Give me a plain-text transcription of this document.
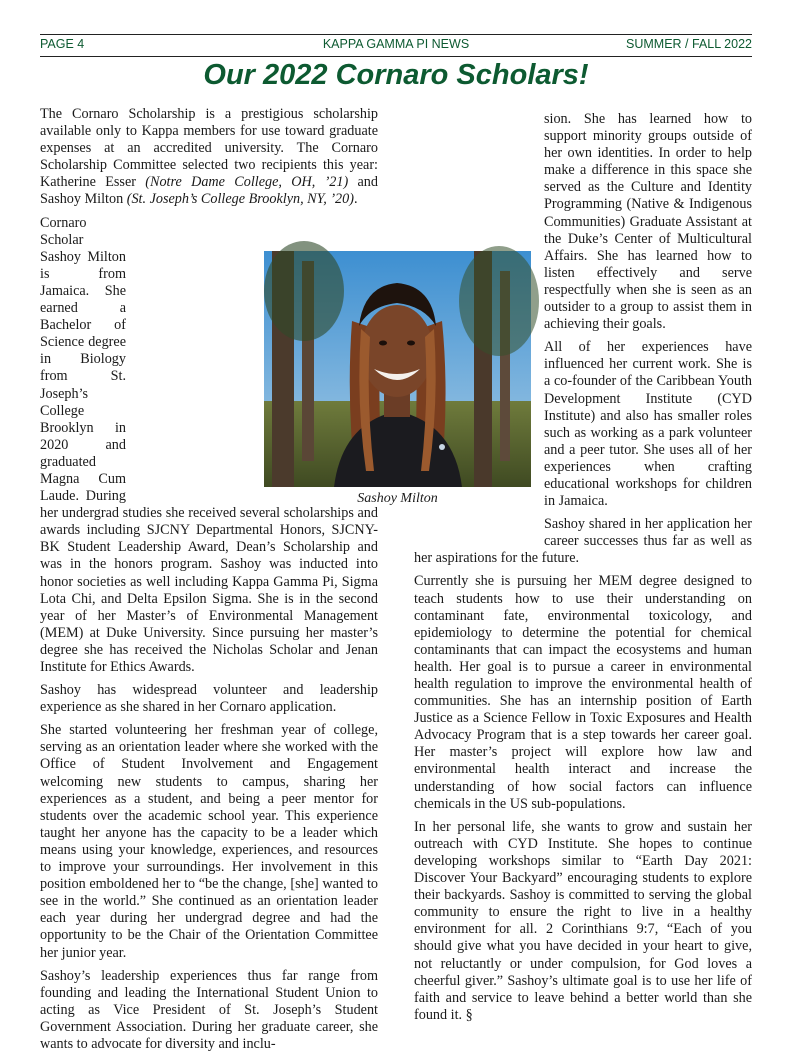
PAGE 4	KAPPA GAMMA PI NEWS	SUMMER / FALL 2022
Our 2022 Cornaro Scholars!

The Cornaro Scholarship is a prestigious scholarship available only to Kappa members for use toward graduate expenses at an accredited university. The Cornaro Scholarship Committee selected two recipients this year: Katherine Esser (Notre Dame College, OH, ’21) and Sashoy Milton (St. Joseph’s College Brooklyn, NY, ’20).

Cornaro Scholar Sashoy Milton is from Jamaica. She earned a Bachelor of Science degree in Biology from St. Joseph’s College Brooklyn in 2020 and graduated Magna Cum Laude. During her undergrad studies she received several scholarships and awards including SJCNY Departmental Honors, SJCNY-BK Student Leadership Award, Dean’s Scholarship and was in the honors program. Sashoy was inducted into honor societies as well including Kappa Gamma Pi, Sigma Lota Chi, and Delta Epsilon Sigma. She is in the second year of her Master’s of Environmental Management (MEM) at Duke University. Since pursuing her master’s degree she has received the Nicholas Scholar and Jenan Institute for Ethics Awards.

Sashoy has widespread volunteer and leadership experience as she shared in her Cornaro application.

She started volunteering her freshman year of college, serving as an orientation leader where she worked with the Office of Student Involvement and Engagement welcoming new students to campus, sharing her experiences as a student, and being a peer mentor for students over the academic school year. This experience taught her anyone has the capacity to be a leader which means using your knowledge, experiences, and resources to improve your surroundings. Her involvement in this position emboldened her to “be the change, [she] wanted to see in the world.” She continued as an orientation leader each year during her undergrad degree and had the opportunity to be the Chair of the Orientation Committee her junior year.

Sashoy’s leadership experiences thus far range from founding and leading the International Student Union to acting as Vice President of St. Joseph’s Student Government Association. During her graduate career, she wants to advocate for diversity and inclu-

sion. She has learned how to support minority groups outside of her own identities. In order to help make a difference in this space she served as the Culture and Identity Programming (Native & Indigenous Communities) Graduate Assistant at the Duke’s Center of Multicultural Affairs. She has learned how to listen effectively and serve respectfully when she is seen as an outsider to a group to assist them in achieving their goals.

All of her experiences have influenced her current work. She is a co-founder of the Caribbean Youth Development Institute (CYD Institute) and also has smaller roles such as working as a park volunteer and a peer tutor. She uses all of her experiences when crafting educational workshops for children in Jamaica.

Sashoy shared in her application her career successes thus far as well as her aspirations for the future.

Currently she is pursuing her MEM degree designed to teach students how to use their understanding on contaminant fate, environmental toxicology, and epidemiology to determine the potential for chemical contaminants that can impact the ecosystems and human health. Her goal is to pursue a career in environmental health regulation to improve the environmental health of communities. She has an internship position of Earth Justice as a Science Fellow in Toxic Exposures and Health Advocacy Program that is a step towards her career goal. Her master’s project will explore how law and environmental health interact and increase the understanding of how social factors can influence chemicals in the US sub-populations.

In her personal life, she wants to grow and sustain her outreach with CYD Institute. She hopes to continue developing workshops similar to “Earth Day 2021: Discover Your Backyard” encouraging students to explore their backyards. Sashoy is committed to serving the global community to ensure the right to live in a healthy environment for all. 2 Corinthians 9:7, “Each of you should give what you have decided in your heart to give, not reluctantly or under compulsion, for God loves a cheerful giver.” Sashoy’s ultimate goal is to use her life of faith and service to leave behind a better world than she found it. §

Sashoy Milton
